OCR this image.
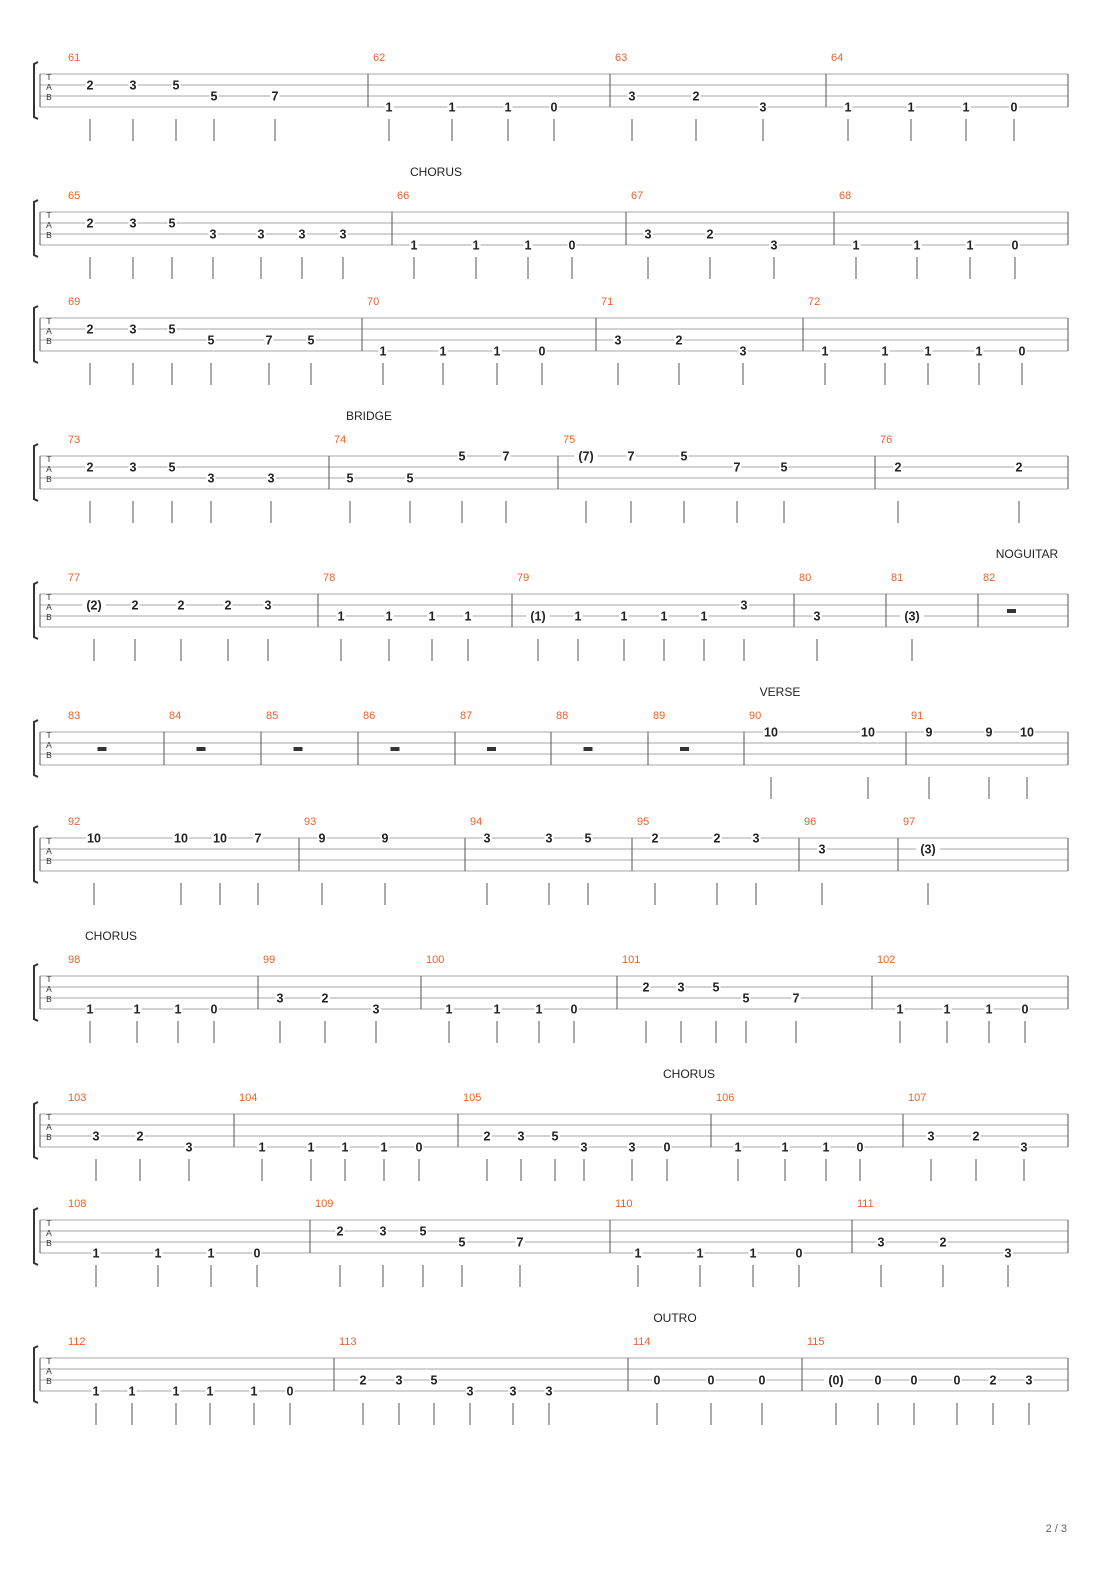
T
A
B
61	62	63	64
2	3	5
5	7
1	1	1	0
3	2
3	1	1	1	0
CHORUS
T
A
B
65	66	67	68
2	3	5
3	3	3	3
1	1	1	0
3	2
3	1	1	1	0
T
A
B
69	70	71	72
2	3	5
5	7	5
1	1	1	0
3	2
3	1	1	1	1	0
BRIDGE
T
A
B
73	74	75	76
2	3	5
3	3	5	5
5	7	(7)	7	5
7	5	2	2
NOGUITAR
T
A
B
77	78	79	80	81	82
(2) 2	2	2	3
1	1	1 1	(1) 1	1	1	1
3
3	(3)
VERSE
T
A
B
83	84	85	86	87	88	89	90	91
10	10	9	9 10
T
A
B
92	93	94	95	96	97
10	10 10 7	9	9	3	3	5	2	2	3
3	(3)
CHORUS
T
A
B
98	99	100	101	102
1	1	1 0
3	2
3	1	1	1 0
2 3 5
5	7
1	1	1 0
CHORUS
T
A
B
103	104	105	106	107
3	2
3	1	1 1	1 0
2 3 5
3	3 0	1	1	1 0
3	2
3
T
A
B
108	109	110	111
1	1	1	0
2	3	5
5	7
1	1	1	0
3	2
3
OUTRO
T
A
B
112	113	114	115
1 1	1 1	1 0
2 3 5
3	3 3
0	0	0	(0) 0 0	0 2 3
2 / 3
